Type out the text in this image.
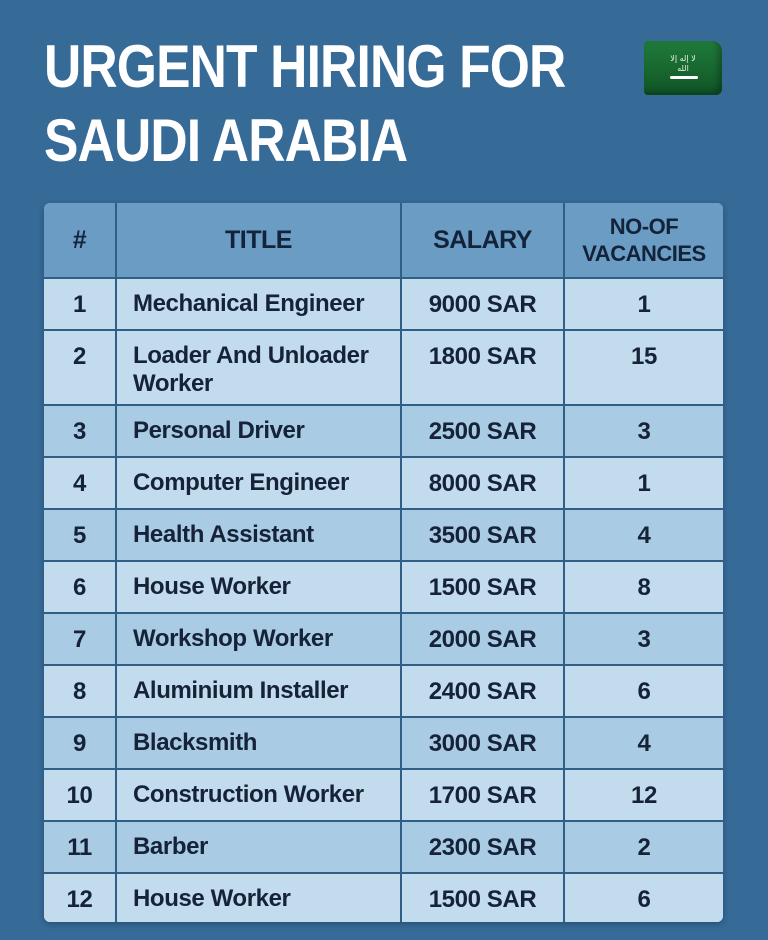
URGENT HIRING FOR
SAUDI ARABIA
ﻻ ﺇﻟﻪ ﺇﻻ ﺍﻟﻠﻪ
#	TITLE	SALARY	NO-OF VACANCIES
1	Mechanical Engineer	9000 SAR	1
2	Loader And Unloader Worker	1800 SAR	15
3	Personal Driver	2500 SAR	3
4	Computer Engineer	8000 SAR	1
5	Health Assistant	3500 SAR	4
6	House Worker	1500 SAR	8
7	Workshop Worker	2000 SAR	3
8	Aluminium Installer	2400 SAR	6
9	Blacksmith	3000 SAR	4
10	Construction Worker	1700 SAR	12
11	Barber	2300 SAR	2
12	House Worker	1500 SAR	6
